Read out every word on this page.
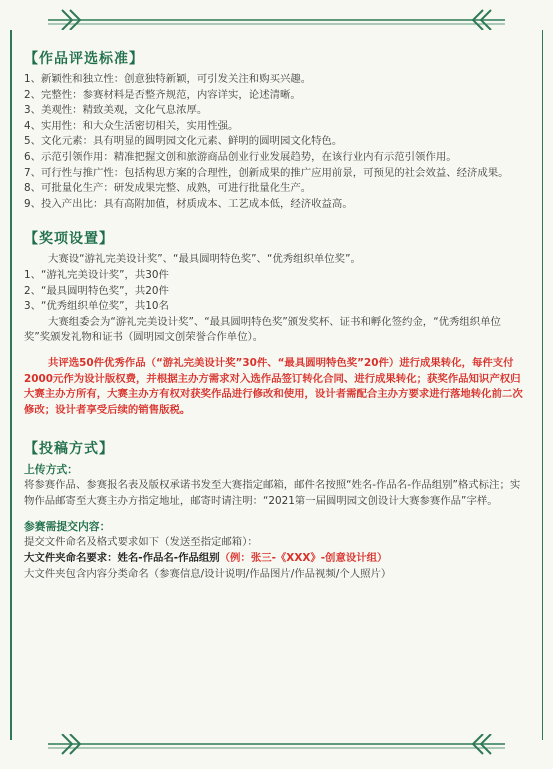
【作品评选标准】
1、新颖性和独立性：创意独特新颖，可引发关注和购买兴趣。
2、完整性：参赛材料是否整齐规范，内容详实，论述清晰。
3、美观性：精致美观，文化气息浓厚。
4、实用性：和大众生活密切相关，实用性强。
5、文化元素：具有明显的圆明园文化元素、鲜明的圆明园文化特色。
6、示范引领作用：精准把握文创和旅游商品创业行业发展趋势，在该行业内有示范引领作用。
7、可行性与推广性：包括构思方案的合理性，创新成果的推广应用前景，可预见的社会效益、经济成果。
8、可批量化生产：研发成果完整、成熟，可进行批量化生产。
9、投入产出比：具有高附加值，材质成本、工艺成本低，经济收益高。
【奖项设置】
大赛设“游礼完美设计奖”、“最具圆明特色奖”、“优秀组织单位奖”。
1、“游礼完美设计奖”，共30件
2、“最具圆明特色奖”，共20件
3、“优秀组织单位奖”，共10名
大赛组委会为“游礼完美设计奖”、“最具圆明特色奖”颁发奖杯、证书和孵化签约金，“优秀组织单位奖”奖颁发礼物和证书（圆明园文创荣誉合作单位）。
共评选50件优秀作品（“游礼完美设计奖”30件、“最具圆明特色奖”20件）进行成果转化，每件支付2000元作为设计版权费，并根据主办方需求对入选作品签订转化合同、进行成果转化；获奖作品知识产权归大赛主办方所有，大赛主办方有权对获奖作品进行修改和使用，设计者需配合主办方要求进行落地转化前二次修改；设计者享受后续的销售版税。
【投稿方式】
上传方式：
将参赛作品、参赛报名表及版权承诺书发至大赛指定邮箱，邮件名按照“姓名-作品名-作品组别”格式标注；实物作品邮寄至大赛主办方指定地址，邮寄时请注明：“2021第一届圆明园文创设计大赛参赛作品”字样。
参赛需提交内容：
提交文件命名及格式要求如下（发送至指定邮箱）：
大文件夹命名要求：姓名-作品名-作品组别（例：张三-《XXX》-创意设计组）
大文件夹包含内容分类命名（参赛信息/设计说明/作品图片/作品视频/个人照片）
